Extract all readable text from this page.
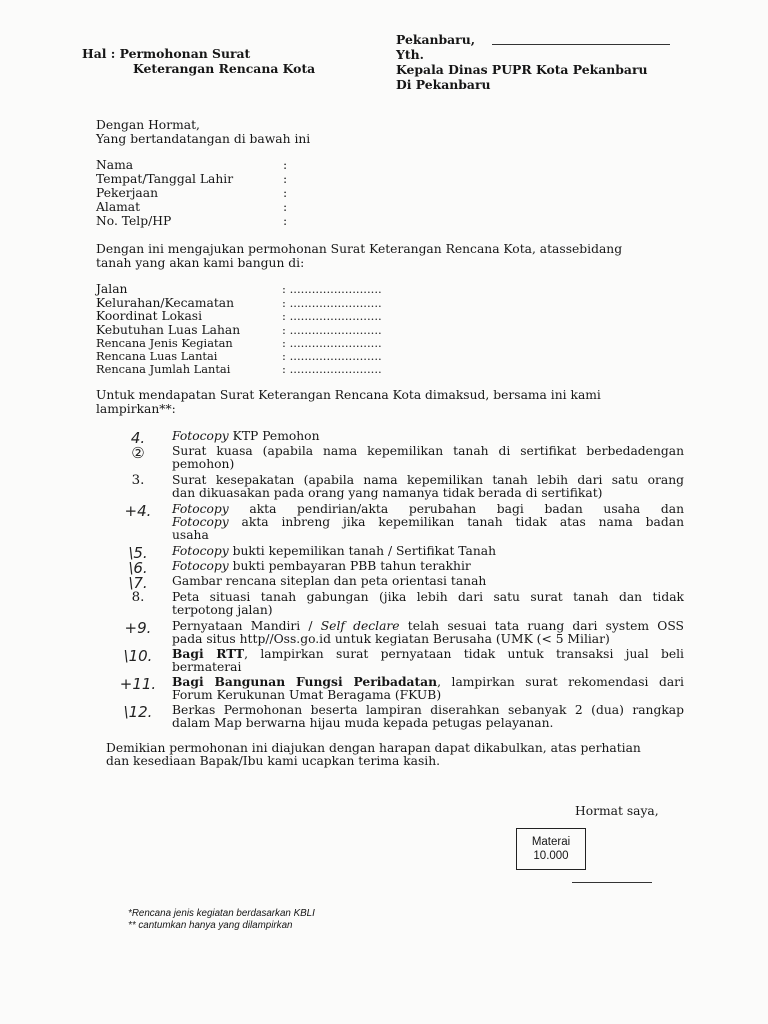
Hal : Permohonan Surat
Keterangan Rencana Kota
Pekanbaru,
Yth.
Kepala Dinas PUPR Kota Pekanbaru
Di Pekanbaru
Dengan Hormat,
Yang bertandatangan di bawah ini
Nama	:
Tempat/Tanggal Lahir	:
Pekerjaan	:
Alamat	:
No. Telp/HP	:
Dengan ini mengajukan permohonan Surat Keterangan Rencana Kota, atassebidang
tanah yang akan kami bangun di:
Jalan	: .........................
Kelurahan/Kecamatan	: .........................
Koordinat Lokasi	: .........................
Kebutuhan Luas Lahan	: .........................
Rencana Jenis Kegiatan	: .........................
Rencana Luas Lantai	: .........................
Rencana Jumlah Lantai	: .........................
Untuk mendapatan Surat Keterangan Rencana Kota dimaksud, bersama ini kami
lampirkan**:
4.	Fotocopy KTP Pemohon
②	Surat kuasa (apabila nama kepemilikan tanah di sertifikat berbedadengan
pemohon)
3.	Surat kesepakatan (apabila nama kepemilikan tanah lebih dari satu orang
dan dikuasakan pada orang yang namanya tidak berada di sertifikat)
+4.	Fotocopy akta pendirian/akta perubahan bagi badan usaha dan
Fotocopy akta inbreng jika kepemilikan tanah tidak atas nama badan
usaha
\5.	Fotocopy bukti kepemilikan tanah / Sertifikat Tanah
\6.	Fotocopy bukti pembayaran PBB tahun terakhir
\7.	Gambar rencana siteplan dan peta orientasi tanah
8.	Peta situasi tanah gabungan (jika lebih dari satu surat tanah dan tidak
terpotong jalan)
+9.	Pernyataan Mandiri / Self declare telah sesuai tata ruang dari system OSS
pada situs http//Oss.go.id untuk kegiatan Berusaha (UMK (< 5 Miliar)
\10.	Bagi RTT, lampirkan surat pernyataan tidak untuk transaksi jual beli
bermaterai
+11. Bagi Bangunan Fungsi Peribadatan, lampirkan surat rekomendasi dari
Forum Kerukunan Umat Beragama (FKUB)
\12.	Berkas Permohonan beserta lampiran diserahkan sebanyak 2 (dua) rangkap
dalam Map berwarna hijau muda kepada petugas pelayanan.
Demikian permohonan ini diajukan dengan harapan dapat dikabulkan, atas perhatian
dan kesediaan Bapak/Ibu kami ucapkan terima kasih.
Hormat saya,
Materai
10.000
*Rencana jenis kegiatan berdasarkan KBLI
** cantumkan hanya yang dilampirkan
